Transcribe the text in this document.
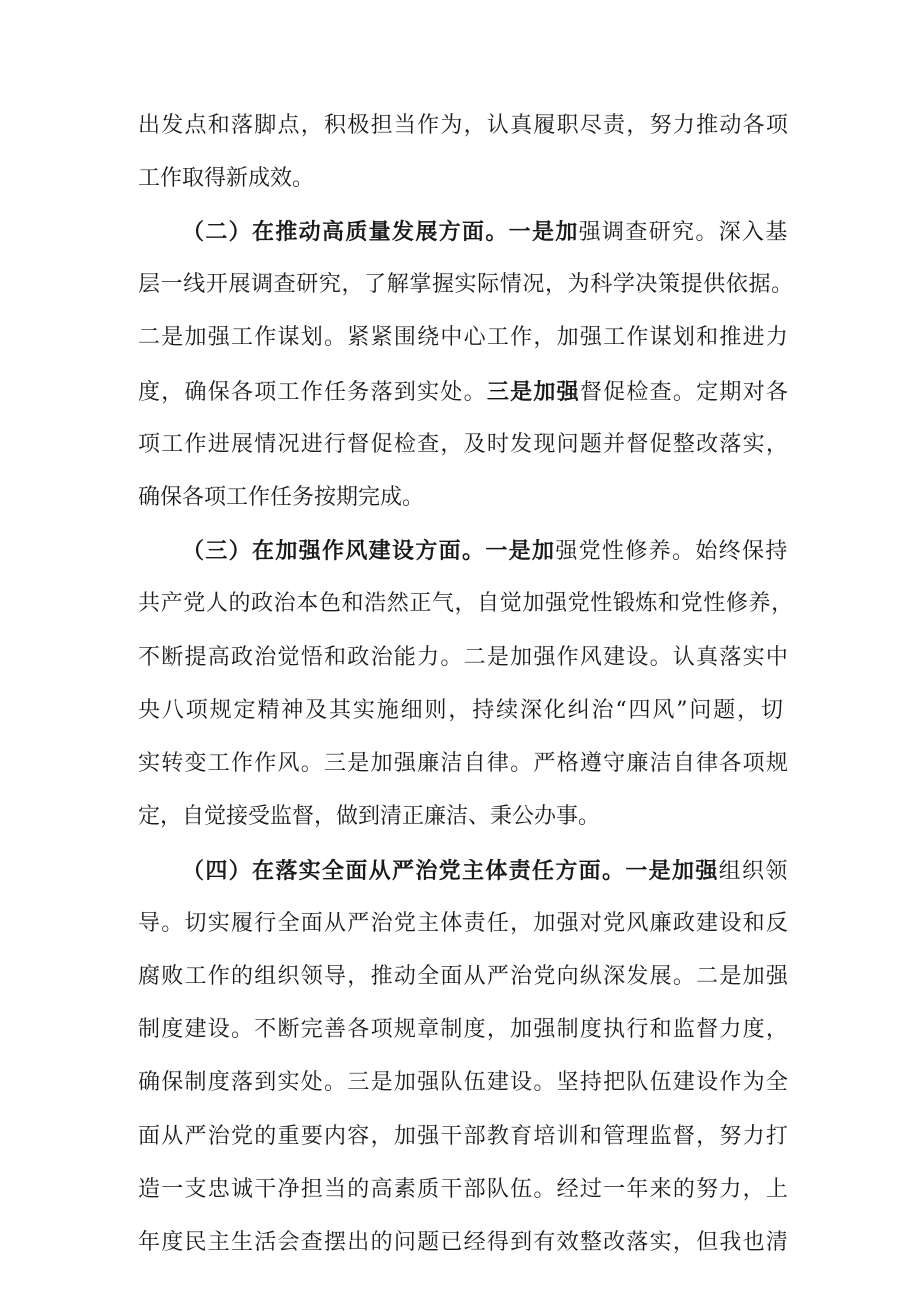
出发点和落脚点，积极担当作为，认真履职尽责，努力推动各项
工作取得新成效。
（二）在推动高质量发展方面。一是加强调查研究。深入基
层一线开展调查研究，了解掌握实际情况，为科学决策提供依据。
二是加强工作谋划。紧紧围绕中心工作，加强工作谋划和推进力
度，确保各项工作任务落到实处。三是加强督促检查。定期对各
项工作进展情况进行督促检查，及时发现问题并督促整改落实，
确保各项工作任务按期完成。
（三）在加强作风建设方面。一是加强党性修养。始终保持
共产党人的政治本色和浩然正气，自觉加强党性锻炼和党性修养，
不断提高政治觉悟和政治能力。二是加强作风建设。认真落实中
央八项规定精神及其实施细则，持续深化纠治“四风”问题，切
实转变工作作风。三是加强廉洁自律。严格遵守廉洁自律各项规
定，自觉接受监督，做到清正廉洁、秉公办事。
（四）在落实全面从严治党主体责任方面。一是加强组织领
导。切实履行全面从严治党主体责任，加强对党风廉政建设和反
腐败工作的组织领导，推动全面从严治党向纵深发展。二是加强
制度建设。不断完善各项规章制度，加强制度执行和监督力度，
确保制度落到实处。三是加强队伍建设。坚持把队伍建设作为全
面从严治党的重要内容，加强干部教育培训和管理监督，努力打
造一支忠诚干净担当的高素质干部队伍。经过一年来的努力，上
年度民主生活会查摆出的问题已经得到有效整改落实，但我也清
